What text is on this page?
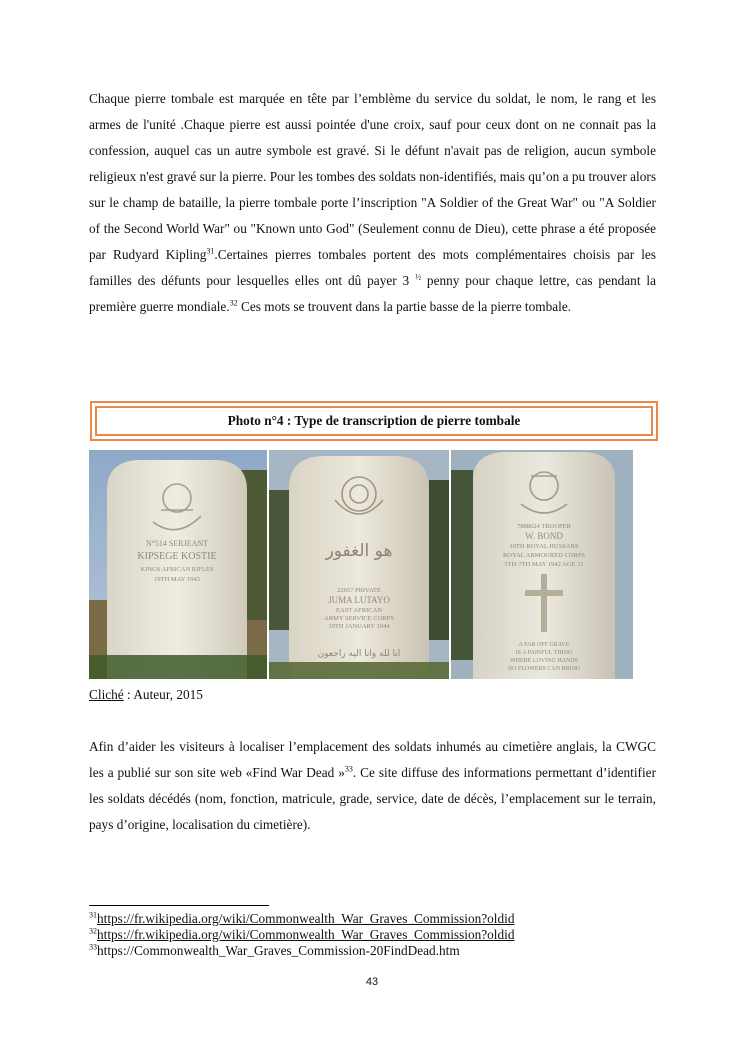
Chaque pierre tombale est marquée en tête par l’emblème du service du soldat, le nom, le rang et les armes de l'unité .Chaque pierre est aussi pointée d'une croix, sauf pour ceux dont on ne connait pas la confession, auquel cas un autre symbole est gravé. Si le défunt n'avait pas de religion, aucun symbole religieux n'est gravé sur la pierre. Pour les tombes des soldats non-identifiés, mais qu’on a pu trouver alors sur le champ de bataille, la pierre tombale porte l’inscription "A Soldier of the Great War" ou "A Soldier of the Second World War" ou "Known unto God" (Seulement connu de Dieu), cette phrase a été proposée par Rudyard Kipling$^{31}$.Certaines pierres tombales portent des mots complémentaires choisis par les familles des défunts pour lesquelles elles ont dû payer 3 $^{\frac{1}{2}}$ penny pour chaque lettre, cas pendant la première guerre mondiale.$^{32}$ Ces mots se trouvent dans la partie basse de la pierre tombale.

Photo n°4 : Type de transcription de pierre tombale
N°514 SERJEANT
KIPSEGE KOSTIE
KINGS AFRICAN RIFLES
19TH MAY 1943
هو الغفور
22657 PRIVATE
JUMA LUTAYO
EAST AFRICAN
ARMY SERVICE CORPS
19TH JANUARY 1944
انا لله وانا اليه راجعون
7888624 TROOPER
W. BOND
10TH ROYAL HUSSARS
ROYAL ARMOURED CORPS
5TH-7TH MAY 1942 AGE 31
A FAR OFF GRAVE
IS A PAINFUL THING
WHERE LOVING HANDS
NO FLOWERS CAN BRING

Cliché : Auteur, 2015

Afin d’aider les visiteurs à localiser l’emplacement des soldats inhumés au cimetière anglais, la CWGC les a publié sur son site web «Find War Dead »$^{33}$. Ce site diffuse des informations permettant d’identifier les soldats décédés (nom, fonction, matricule, grade, service, date de décès, l’emplacement sur le terrain, pays d’origine, localisation du cimetière).

$^{31}$https://fr.wikipedia.org/wiki/Commonwealth_War_Graves_Commission?oldid
$^{32}$https://fr.wikipedia.org/wiki/Commonwealth_War_Graves_Commission?oldid
$^{33}$https://Commonwealth_War_Graves_Commission-20FindDead.htm
43
